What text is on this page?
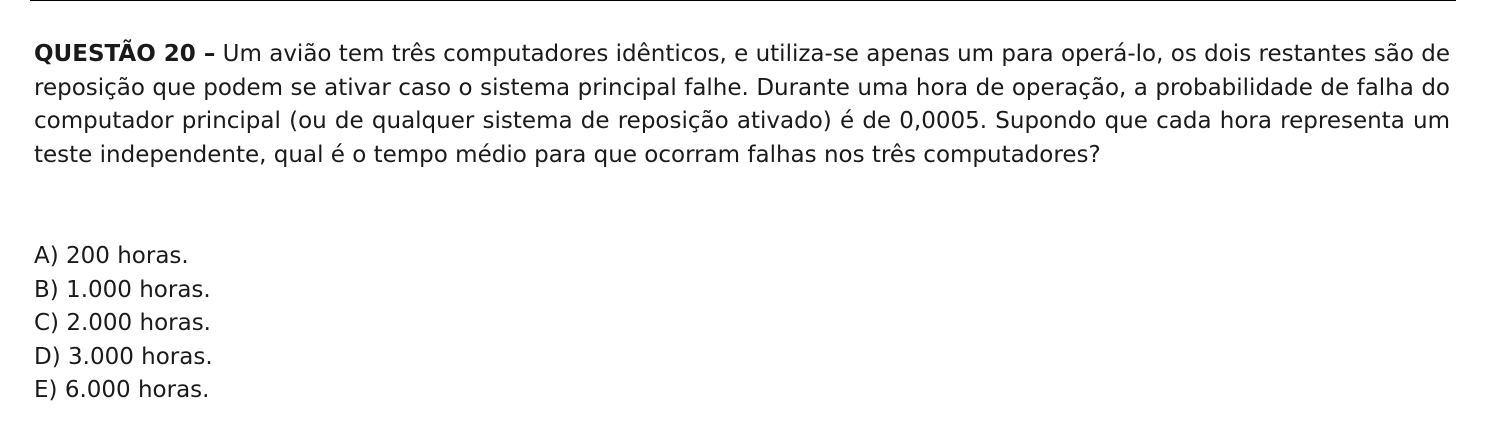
QUESTÃO 20 – Um avião tem três computadores idênticos, e utiliza-se apenas um para operá-lo, os dois restantes são de reposição que podem se ativar caso o sistema principal falhe. Durante uma hora de operação, a probabilidade de falha do computador principal (ou de qualquer sistema de reposição ativado) é de 0,0005. Supondo que cada hora representa um teste independente, qual é o tempo médio para que ocorram falhas nos três computadores?

A) 200 horas.
B) 1.000 horas.
C) 2.000 horas.
D) 3.000 horas.
E) 6.000 horas.
